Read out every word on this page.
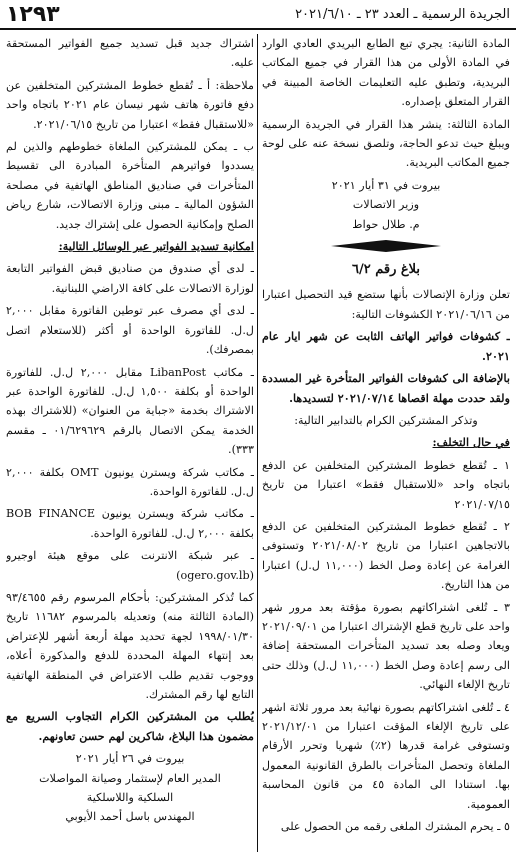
الجريدة الرسمية ـ العدد ٢٣ ـ ٢٠٢١/٦/١٠
١٢٩٣

المادة الثانية: يجري تبع الطابع البريدي العادي الوارد في المادة الأولى من هذا القرار في جميع المكاتب البريدية، وتطبق عليه التعليمات الخاصة المبينة في القرار المتعلق بإصداره.

المادة الثالثة: ينشر هذا القرار في الجريدة الرسمية ويبلغ حيث تدعو الحاجة، وتلصق نسخة عنه على لوحة جميع المكاتب البريدية.

بيروت في ٣١ أيار ٢٠٢١

وزير الاتصالات

م. طلال حواط

بلاغ رقم ٦/٢

تعلن وزارة الإتصالات بأنها ستضع قيد التحصيل اعتبارا من ٢٠٢١/٠٦/١٦ الكشوفات التالية:

ـ كشوفات فواتير الهاتف الثابت عن شهر ايار عام ٢٠٢١.

بالإضافة الى كشوفات الفواتير المتأخرة غير المسددة ولقد حددت مهلة اقصاها ٢٠٢١/٠٧/١٤ لتسديدها.

وتذكر المشتركين الكرام بالتدابير التالية:

في حال التخلف:

١ ـ تُقطع خطوط المشتركين المتخلفين عن الدفع باتجاه واحد «للاستقبال فقط» اعتبارا من تاريخ ٢٠٢١/٠٧/١٥

٢ ـ تُقطع خطوط المشتركين المتخلفين عن الدفع بالاتجاهين اعتبارا من تاريخ ٢٠٢١/٠٨/٠٢ وتستوفى الغرامة عن إعادة وصل الخط (١١,٠٠٠ ل.ل) اعتبارا من هذا التاريخ.

٣ ـ تُلغى اشتراكاتهم بصورة مؤقتة بعد مرور شهر واحد على تاريخ قطع الإشتراك اعتبارا من ٢٠٢١/٠٩/٠١ ويعاد وصله بعد تسديد المتأخرات المستحقة إضافة الى رسم إعادة وصل الخط (١١,٠٠٠ ل.ل) وذلك حتى تاريخ الإلغاء النهائي.

٤ ـ تُلغى اشتراكاتهم بصورة نهائية بعد مرور ثلاثة اشهر على تاريخ الإلغاء المؤقت اعتبارا من ٢٠٢١/١٢/٠١ وتستوفى غرامة قدرها (٢٪) شهريا وتحرر الأرقام الملغاة وتحصل المتأخرات بالطرق القانونية المعمول بها. استنادا الى المادة ٤٥ من قانون المحاسبة العمومية.

٥ ـ يحرم المشترك الملغى رقمه من الحصول على

اشتراك جديد قبل تسديد جميع الفواتير المستحقة عليه.

ملاحظة: أ ـ تُقطع خطوط المشتركين المتخلفين عن دفع فاتورة هاتف شهر نيسان عام ٢٠٢١ باتجاه واحد «للاستقبال فقط» اعتبارا من تاريخ ٢٠٢١/٠٦/١٥.

ب ـ يمكن للمشتركين الملغاة خطوطهم والذين لم يسددوا فواتيرهم المتأخرة المبادرة الى تقسيط المتأخرات في صناديق المناطق الهاتفية في مصلحة الشؤون المالية ـ مبنى وزارة الاتصالات، شارع رياض الصلح وإمكانية الحصول على إشتراك جديد.

امكانية تسديد الفواتير عبر الوسائل التالية:

ـ لدى أي صندوق من صناديق قبض الفواتير التابعة لوزارة الاتصالات على كافة الاراضي اللبنانية.

ـ لدى أي مصرف عبر توطين الفاتورة مقابل ٢,٠٠٠ ل.ل. للفاتورة الواحدة أو أكثر (للاستعلام اتصل بمصرفك).

ـ مكاتب LibanPost مقابل ٢,٠٠٠ ل.ل. للفاتورة الواحدة أو بكلفة ١,٥٠٠ ل.ل. للفاتورة الواحدة عبر الاشتراك بخدمة «جباية من العنوان» (للاشتراك بهذه الخدمة يمكن الاتصال بالرقم ٠١/٦٢٩٦٢٩ ـ مقسم ٣٣٣).

ـ مكاتب شركة ويسترن يونيون OMT بكلفة ٢,٠٠٠ ل.ل. للفاتورة الواحدة.

ـ مكاتب شركة ويسترن يونيون BOB FINANCE بكلفة ٢,٠٠٠ ل.ل. للفاتورة الواحدة.

ـ عبر شبكة الانترنت على موقع هيئة اوجيرو (ogero.gov.lb)

كما تُذكر المشتركين: بأحكام المرسوم رقم ٩٣/٤٦٥٥ (المادة الثالثة منه) وتعديله بالمرسوم ١١٦٨٢ تاريخ ١٩٩٨/٠١/٣٠ لجهة تحديد مهلة أربعة أشهر للإعتراض بعد إنتهاء المهلة المحددة للدفع والمذكورة أعلاه، ووجوب تقديم طلب الاعتراض في المنطقة الهاتفية التابع لها رقم المشترك.

يُطلب من المشتركين الكرام التجاوب السريع مع مضمون هذا البلاغ، شاكرين لهم حسن تعاونهم.

بيروت في ٢٦ أيار ٢٠٢١

المدير العام لإستثمار وصيانة المواصلات

السلكية واللاسلكية

المهندس باسل أحمد الأيوبي
